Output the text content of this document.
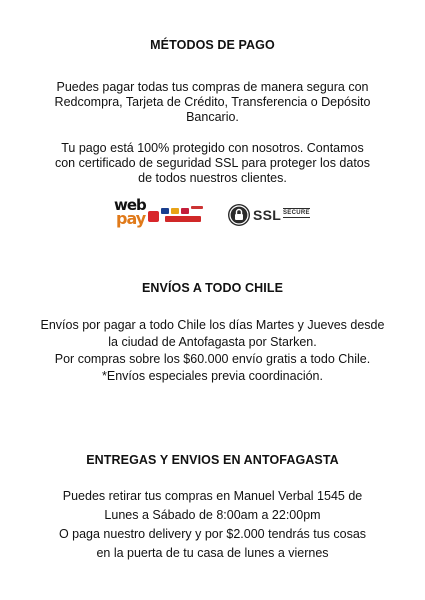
MÉTODOS DE PAGO
Puedes pagar todas tus compras de manera segura con
Redcompra, Tarjeta de Crédito, Transferencia o Depósito
Bancario.
Tu pago está 100% protegido con nosotros. Contamos
con certificado de seguridad SSL para proteger los datos
de todos nuestros clientes.
web
pay	SSL SECURE
ENVÍOS A TODO CHILE
Envíos por pagar a todo Chile los días Martes y Jueves desde
la ciudad de Antofagasta por Starken.
Por compras sobre los $60.000 envío gratis a todo Chile.
*Envíos especiales previa coordinación.
ENTREGAS Y ENVIOS EN ANTOFAGASTA
Puedes retirar tus compras en Manuel Verbal 1545 de
Lunes a Sábado de 8:00am a 22:00pm
O paga nuestro delivery y por $2.000 tendrás tus cosas
en la puerta de tu casa de lunes a viernes
